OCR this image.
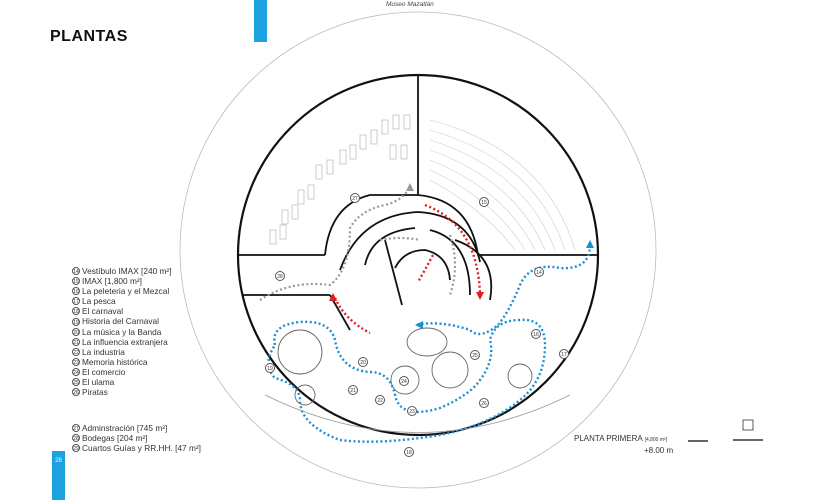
28
Museo Mazatlán
PLANTAS
27
15
28
14
16
17
19
20
21
22
23
24
25
26
18
14 Vestíbulo IMAX [240 m²]
15 IMAX [1,800 m²]
16 La peleteria y el Mezcal
17 La pesca
18 El carnaval
19 Historia del Carnaval
20 La música y la Banda
21 La influencia extranjera
22 La industria
23 Memoria histórica
24 El comercio
25 El ulama
26 Piratas
27 Adminstración [745 m²]
28 Bodegas [204 m²]
29 Cuartos Guías y RR.HH. [47 m²]
PLANTA PRIMERA [4,800 m²]
+8.00 m
